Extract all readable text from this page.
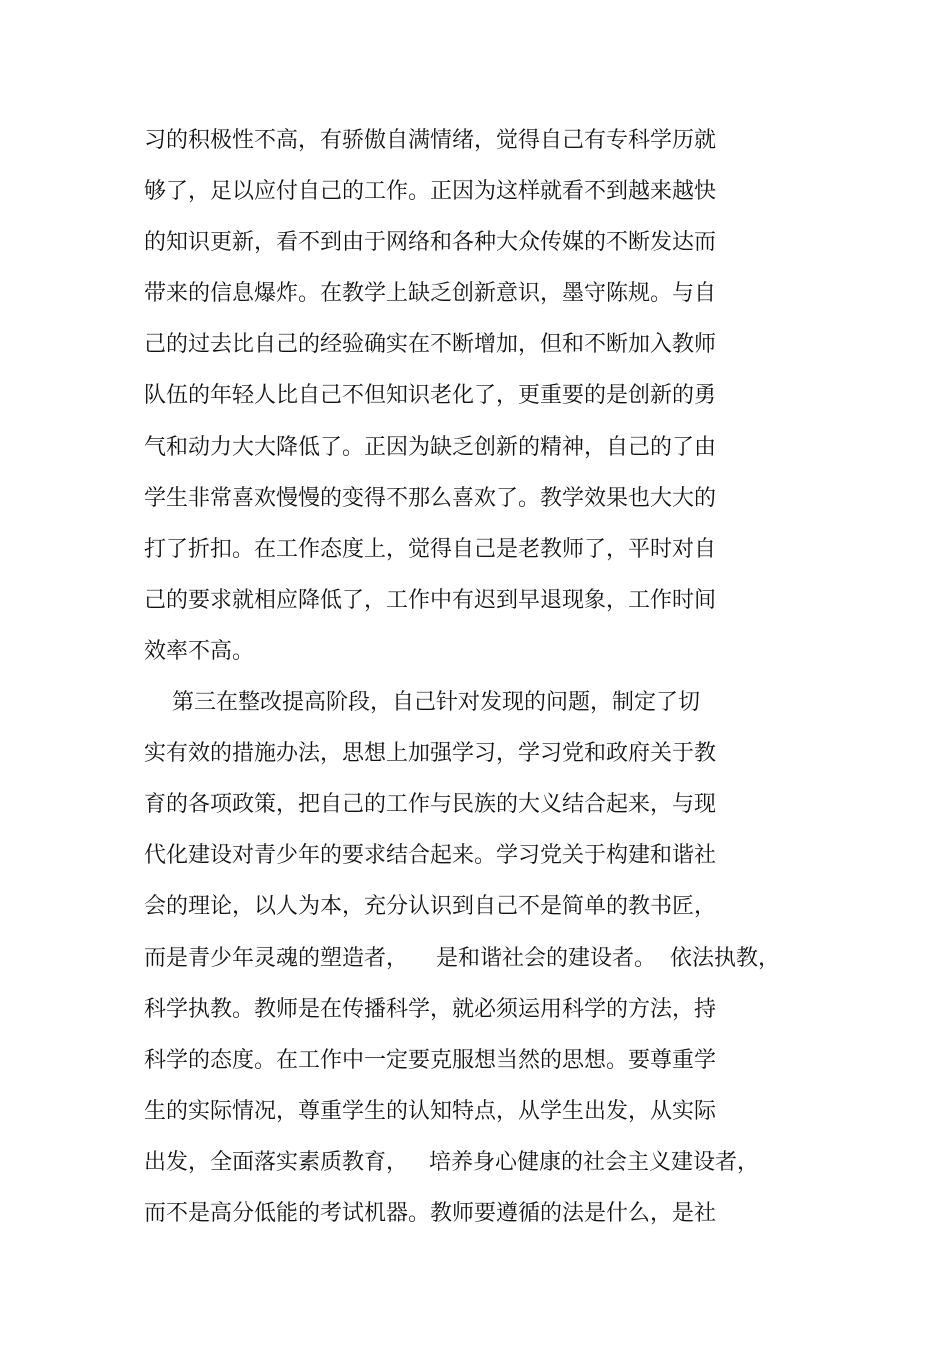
习的积极性不高，有骄傲自满情绪，觉得自己有专科学历就
够了，足以应付自己的工作。正因为这样就看不到越来越快
的知识更新，看不到由于网络和各种大众传媒的不断发达而
带来的信息爆炸。在教学上缺乏创新意识，墨守陈规。与自
己的过去比自己的经验确实在不断增加，但和不断加入教师
队伍的年轻人比自己不但知识老化了，更重要的是创新的勇
气和动力大大降低了。正因为缺乏创新的精神，自己的了由
学生非常喜欢慢慢的变得不那么喜欢了。教学效果也大大的
打了折扣。在工作态度上，觉得自己是老教师了，平时对自
己的要求就相应降低了，工作中有迟到早退现象，工作时间
效率不高。
第三在整改提高阶段，自己针对发现的问题，制定了切
实有效的措施办法，思想上加强学习，学习党和政府关于教
育的各项政策，把自己的工作与民族的大义结合起来，与现
代化建设对青少年的要求结合起来。学习党关于构建和谐社
会的理论，以人为本，充分认识到自己不是简单的教书匠，
而是青少年灵魂的塑造者，    是和谐社会的建设者。  依法执教，
科学执教。教师是在传播科学，就必须运用科学的方法，持
科学的态度。在工作中一定要克服想当然的思想。要尊重学
生的实际情况，尊重学生的认知特点，从学生出发，从实际
出发，全面落实素质教育，   培养身心健康的社会主义建设者，
而不是高分低能的考试机器。教师要遵循的法是什么，是社
